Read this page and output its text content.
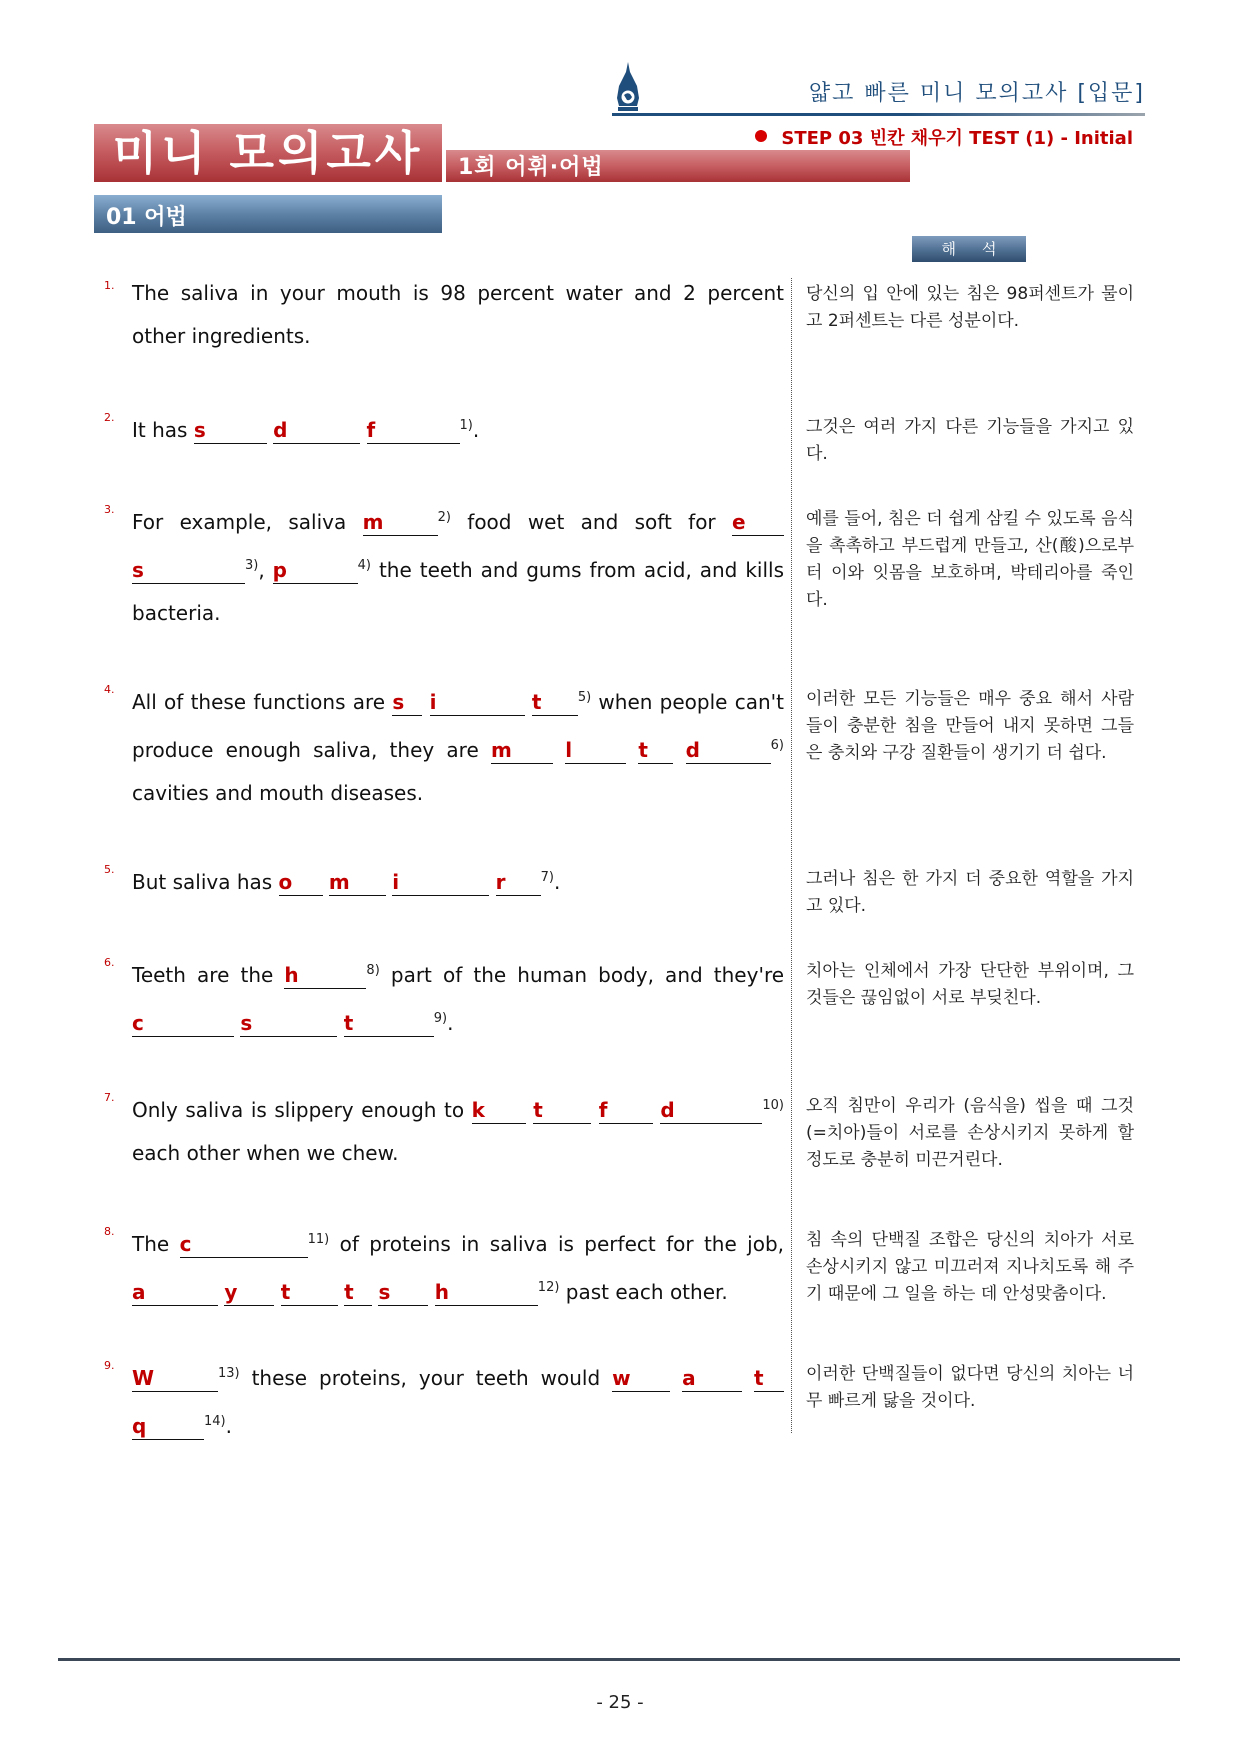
얇고 빠른 미니 모의고사 [입문]
STEP 03 빈칸 채우기 TEST (1) - Initial
미니 모의고사	1회 어휘·어법
01 어법
해석
1. The saliva in your mouth is 98 percent water and 2 percent other ingredients.
당신의 입 안에 있는 침은 98퍼센트가 물이고 2퍼센트는 다른 성분이다.
2.
It has s	d	f	$^{1)}$.	그것은 여러 가지 다른 기능들을 가지고 있다.
3.
For example, saliva m	$^{2)}$ food wet and soft for e s	$^{3)}$, p	$^{4)}$ the teeth and gums from acid, and kills bacteria.
예를 들어, 침은 더 쉽게 삼킬 수 있도록 음식을 촉촉하고 부드럽게 만들고, 산(酸)으로부터 이와 잇몸을 보호하며, 박테리아를 죽인다.
4.
All of these functions are s i	t	$^{5)}$ when people can't produce enough saliva, they are m	l	t d	$^{6)}$ cavities and mouth diseases.
이러한 모든 기능들은 매우 중요 해서 사람들이 충분한 침을 만들어 내지 못하면 그들은 충치와 구강 질환들이 생기기 더 쉽다.
5.
But saliva has o m i	r	$^{7)}$.	그러나 침은 한 가지 더 중요한 역할을 가지고 있다.
6.
Teeth are the h	$^{8)}$ part of the human body, and they're c	s	t	$^{9)}$.
치아는 인체에서 가장 단단한 부위이며, 그것들은 끊임없이 서로 부딪친다.
7.
Only saliva is slippery enough to k t	f	d	$^{10)}$ each other when we chew.
오직 침만이 우리가 (음식을) 씹을 때 그것(=치아)들이 서로를 손상시키지 못하게 할 정도로 충분히 미끈거린다.
8.
The c	$^{11)}$ of proteins in saliva is perfect for the job, a	y t	t s h	$^{12)}$ past each other.
침 속의 단백질 조합은 당신의 치아가 서로 손상시키지 않고 미끄러져 지나치도록 해 주기 때문에 그 일을 하는 데 안성맞춤이다.
9.
W	$^{13)}$ these proteins, your teeth would w	a	t q	$^{14)}$.
이러한 단백질들이 없다면 당신의 치아는 너무 빠르게 닳을 것이다.
- 25 -
